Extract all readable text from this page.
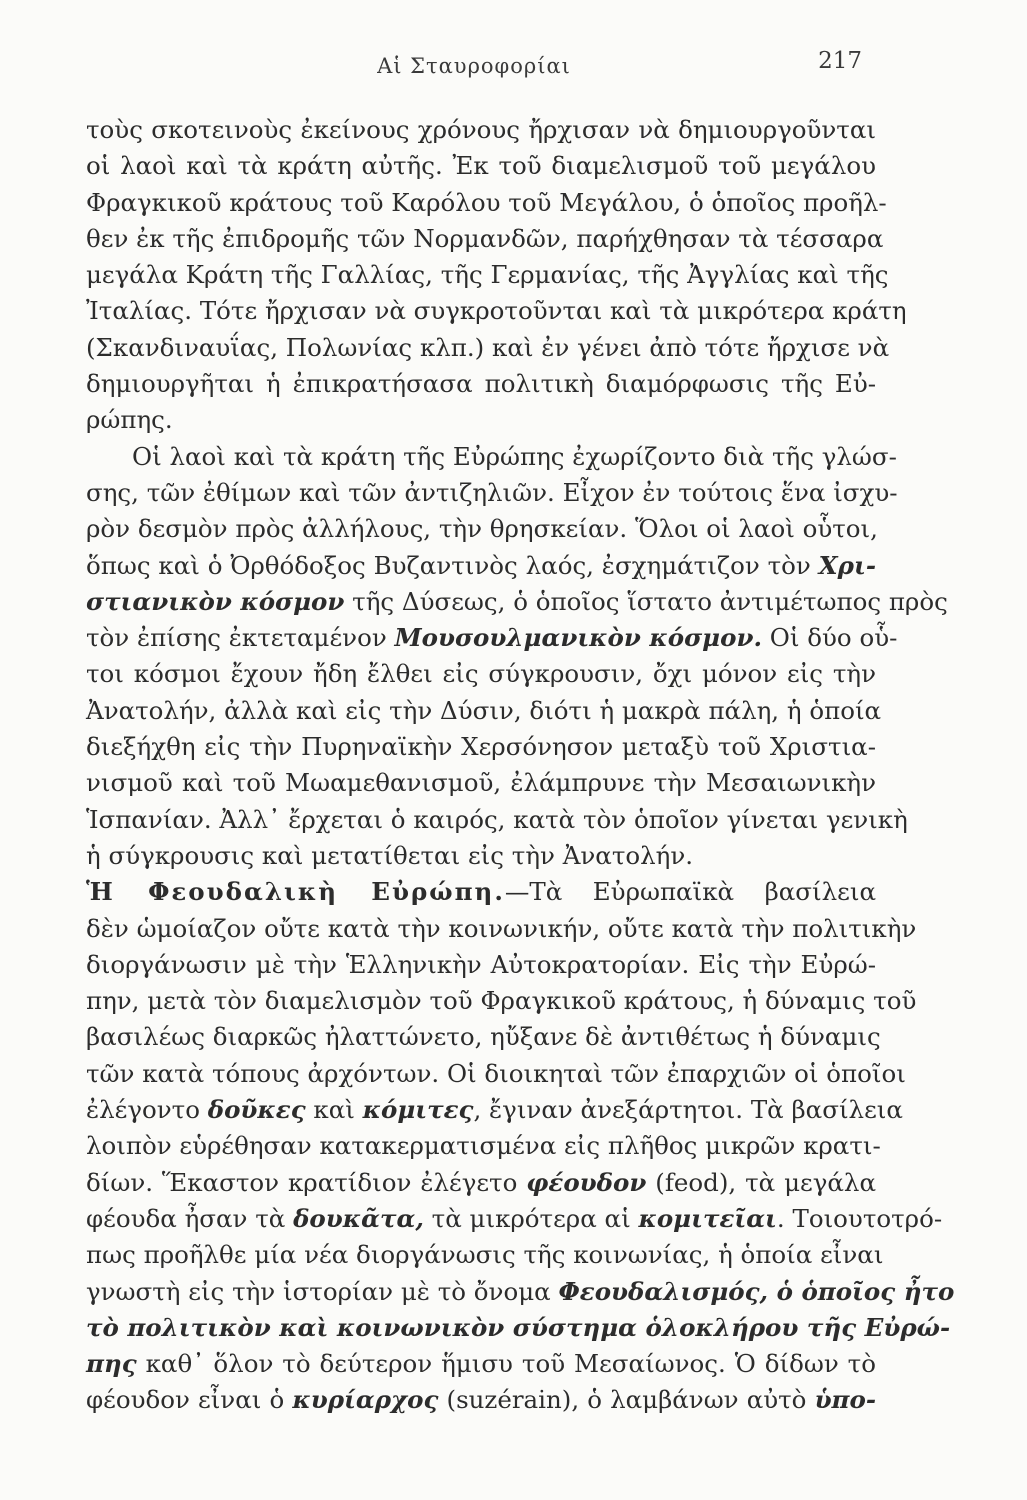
Αἱ Σταυροφορίαι	217
τοὺς σκοτεινοὺς ἐκείνους χρόνους ἤρχισαν νὰ δημιουργοῦνται
οἱ λαοὶ καὶ τὰ κράτη αὐτῆς. Ἐκ τοῦ διαμελισμοῦ τοῦ μεγάλου
Φραγκικοῦ κράτους τοῦ Καρόλου τοῦ Μεγάλου, ὁ ὁποῖος προῆλ-
θεν ἐκ τῆς ἐπιδρομῆς τῶν Νορμανδῶν, παρήχθησαν τὰ τέσσαρα
μεγάλα Κράτη τῆς Γαλλίας, τῆς Γερμανίας, τῆς Ἀγγλίας καὶ τῆς
Ἰταλίας. Τότε ἤρχισαν νὰ συγκροτοῦνται καὶ τὰ μικρότερα κράτη
(Σκανδιναυΐας, Πολωνίας κλπ.) καὶ ἐν γένει ἀπὸ τότε ἤρχισε νὰ
δημιουργῆται ἡ ἐπικρατήσασα πολιτικὴ διαμόρφωσις τῆς Εὐ-
ρώπης.
Οἱ λαοὶ καὶ τὰ κράτη τῆς Εὐρώπης ἐχωρίζοντο διὰ τῆς γλώσ-
σης, τῶν ἐθίμων καὶ τῶν ἀντιζηλιῶν. Εἶχον ἐν τούτοις ἕνα ἰσχυ-
ρὸν δεσμὸν πρὸς ἀλλήλους, τὴν θρησκείαν. Ὅλοι οἱ λαοὶ οὗτοι,
ὅπως καὶ ὁ Ὀρθόδοξος Βυζαντινὸς λαός, ἐσχημάτιζον τὸν Χρι-
στιανικὸν κόσμον τῆς Δύσεως, ὁ ὁποῖος ἵστατο ἀντιμέτωπος πρὸς
τὸν ἐπίσης ἐκτεταμένον Μουσουλμανικὸν κόσμον. Οἱ δύο οὗ-
τοι κόσμοι ἔχουν ἤδη ἔλθει εἰς σύγκρουσιν, ὄχι μόνον εἰς τὴν
Ἀνατολήν, ἀλλὰ καὶ εἰς τὴν Δύσιν, διότι ἡ μακρὰ πάλη, ἡ ὁποία
διεξήχθη εἰς τὴν Πυρηναϊκὴν Χερσόνησον μεταξὺ τοῦ Χριστια-
νισμοῦ καὶ τοῦ Μωαμεθανισμοῦ, ἐλάμπρυνε τὴν Μεσαιωνικὴν
Ἱσπανίαν. Ἀλλ᾽ ἔρχεται ὁ καιρός, κατὰ τὸν ὁποῖον γίνεται γενικὴ
ἡ σύγκρουσις καὶ μετατίθεται εἰς τὴν Ἀνατολήν.
Ἡ Φεουδαλικὴ Εὐρώπη.—Τὰ Εὐρωπαϊκὰ βασίλεια
δὲν ὡμοίαζον οὔτε κατὰ τὴν κοινωνικήν, οὔτε κατὰ τὴν πολιτικὴν
διοργάνωσιν μὲ τὴν Ἑλληνικὴν Αὐτοκρατορίαν. Εἰς τὴν Εὐρώ-
πην, μετὰ τὸν διαμελισμὸν τοῦ Φραγκικοῦ κράτους, ἡ δύναμις τοῦ
βασιλέως διαρκῶς ἠλαττώνετο, ηὔξανε δὲ ἀντιθέτως ἡ δύναμις
τῶν κατὰ τόπους ἀρχόντων. Οἱ διοικηταὶ τῶν ἐπαρχιῶν οἱ ὁποῖοι
ἐλέγοντο δοῦκες καὶ κόμιτες, ἔγιναν ἀνεξάρτητοι. Τὰ βασίλεια
λοιπὸν εὑρέθησαν κατακερματισμένα εἰς πλῆθος μικρῶν κρατι-
δίων. Ἕκαστον κρατίδιον ἐλέγετο φέουδον (feod), τὰ μεγάλα
φέουδα ἦσαν τὰ δουκᾶτα, τὰ μικρότερα αἱ κομιτεῖαι. Τοιουτοτρό-
πως προῆλθε μία νέα διοργάνωσις τῆς κοινωνίας, ἡ ὁποία εἶναι
γνωστὴ εἰς τὴν ἱστορίαν μὲ τὸ ὄνομα Φεουδαλισμός, ὁ ὁποῖος ἦτο
τὸ πολιτικὸν καὶ κοινωνικὸν σύστημα ὁλοκλήρου τῆς Εὐρώ-
πης καθ᾽ ὅλον τὸ δεύτερον ἥμισυ τοῦ Μεσαίωνος. Ὁ δίδων τὸ
φέουδον εἶναι ὁ κυρίαρχος (suzérain), ὁ λαμβάνων αὐτὸ ὑπο-
